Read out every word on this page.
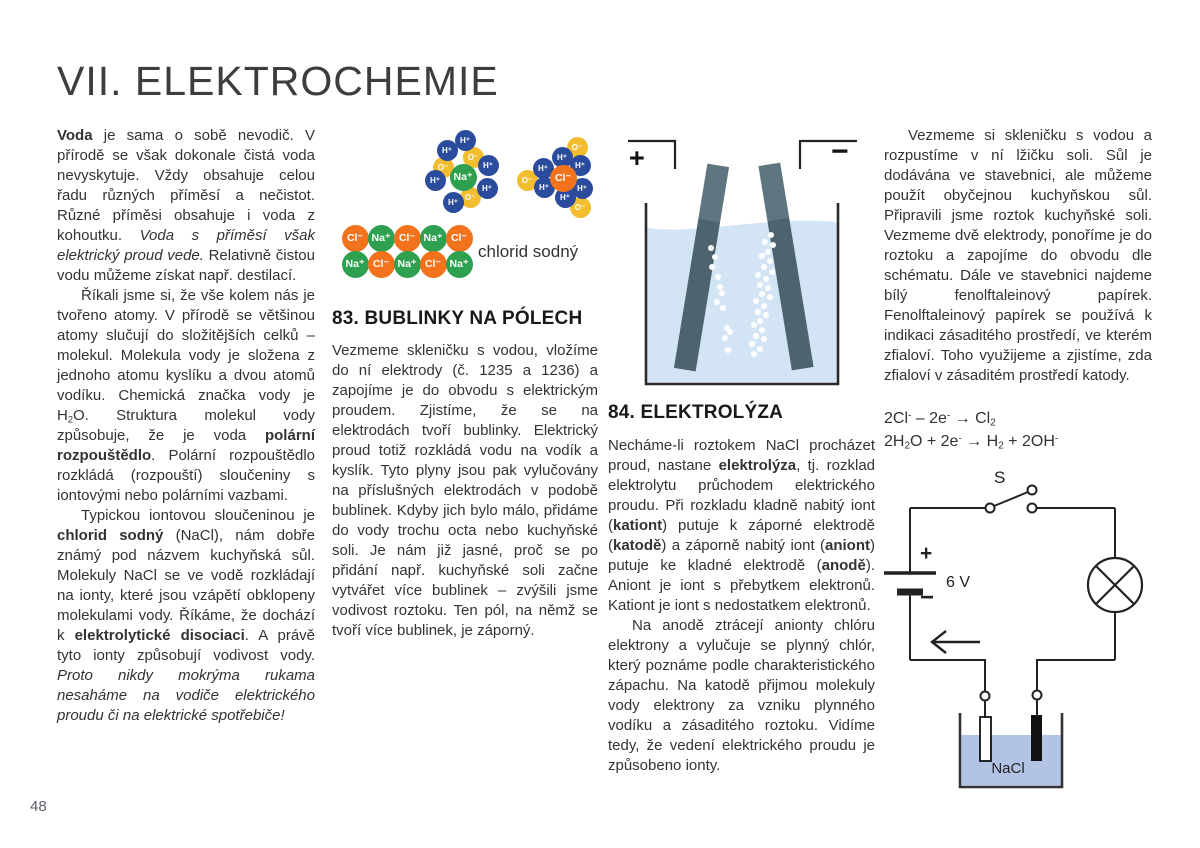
VII. ELEKTROCHEMIE

Voda je sama o sobě nevodič. V přírodě se však dokonale čistá voda nevyskytuje. Vždy obsahuje celou řadu různých příměsí a nečistot. Různé příměsi obsahuje i voda z kohoutku. Voda s příměsí však elektrický proud vede. Relativně čistou vodu můžeme získat např. destilací.

Říkali jsme si, že vše kolem nás je tvořeno atomy. V přírodě se většinou atomy slučují do složitějších celků – molekul. Molekula vody je složena z jednoho atomu kyslíku a dvou atomů vodíku. Chemická značka vody je $H_2O$. Struktura molekul vody způsobuje, že je voda polární rozpouštědlo. Polární rozpouštědlo rozkládá (rozpouští) sloučeniny s iontovými nebo polárními vazbami.

Typickou iontovou sloučeninou je chlorid sodný (NaCl), nám dobře známý pod názvem kuchyňská sůl. Molekuly NaCl se ve vodě rozkládají na ionty, které jsou vzápětí obklopeny molekulami vody. Říkáme, že dochází k elektrolytické disociaci. A právě tyto ionty způsobují vodivost vody. Proto nikdy mokrýma rukama nesaháme na vodiče elektrického proudu či na elektrické spotřebiče!

O⁻
O⁻
O⁻
H⁺
H⁺
H⁺
H⁺
H⁺
H⁺
Na⁺
O⁻
O⁻
O⁻
H⁺
H⁺
H⁺
H⁺	H⁺
H⁺
Cl⁻
Cl⁻ Na⁺ Cl⁻ Na⁺ Cl⁻
Na⁺ Cl⁻ Na⁺ Cl⁻ Na⁺
chlorid sodný
83. BUBLINKY NA PÓLECH

Vezmeme skleničku s vodou, vložíme do ní elektrody (č. 1235 a 1236) a zapojíme je do obvodu s elektrickým proudem. Zjistíme, že se na elektrodách tvoří bublinky. Elektrický proud totiž rozkládá vodu na vodík a kyslík. Tyto plyny jsou pak vylučovány na příslušných elektrodách v podobě bublinek. Kdyby jich bylo málo, přidáme do vody trochu octa nebo kuchyňské soli. Je nám již jasné, proč se po přidání např. kuchyňské soli začne vytvářet více bublinek – zvýšili jsme vodivost roztoku. Ten pól, na němž se tvoří více bublinek, je záporný.

+	−
84. ELEKTROLÝZA

Necháme-li roztokem NaCl procházet proud, nastane elektrolýza, tj. rozklad elektrolytu průchodem elektrického proudu. Při rozkladu kladně nabitý iont (kationt) putuje k záporné elektrodě (katodě) a záporně nabitý iont (aniont) putuje ke kladné elektrodě (anodě). Aniont je iont s přebytkem elektronů. Kationt je iont s nedostatkem elektronů.

Na anodě ztrácejí anionty chlóru elektrony a vylučuje se plynný chlór, který poznáme podle charakteristického zápachu. Na katodě přijmou molekuly vody elektrony za vzniku plynného vodíku a zásaditého roztoku. Vidíme tedy, že vedení elektrického proudu je způsobeno ionty.

Vezmeme si skleničku s vodou a rozpustíme v ní lžičku soli. Sůl je dodávána ve stavebnici, ale můžeme použít obyčejnou kuchyňskou sůl. Připravili jsme roztok kuchyňské soli. Vezmeme dvě elektrody, ponoříme je do roztoku a zapojíme do obvodu dle schématu. Dále ve stavebnici najdeme bílý fenolftaleinový papírek. Fenolftaleinový papírek se používá k indikaci zásaditého prostředí, ve kterém zfialoví. Toho využijeme a zjistíme, zda zfialoví v zásaditém prostředí katody.

$2Cl^- - 2e^- \to Cl_2$
$2H_2O + 2e^- \to H_2 + 2OH^-$
S
+
6 V
−
NaCl
48
